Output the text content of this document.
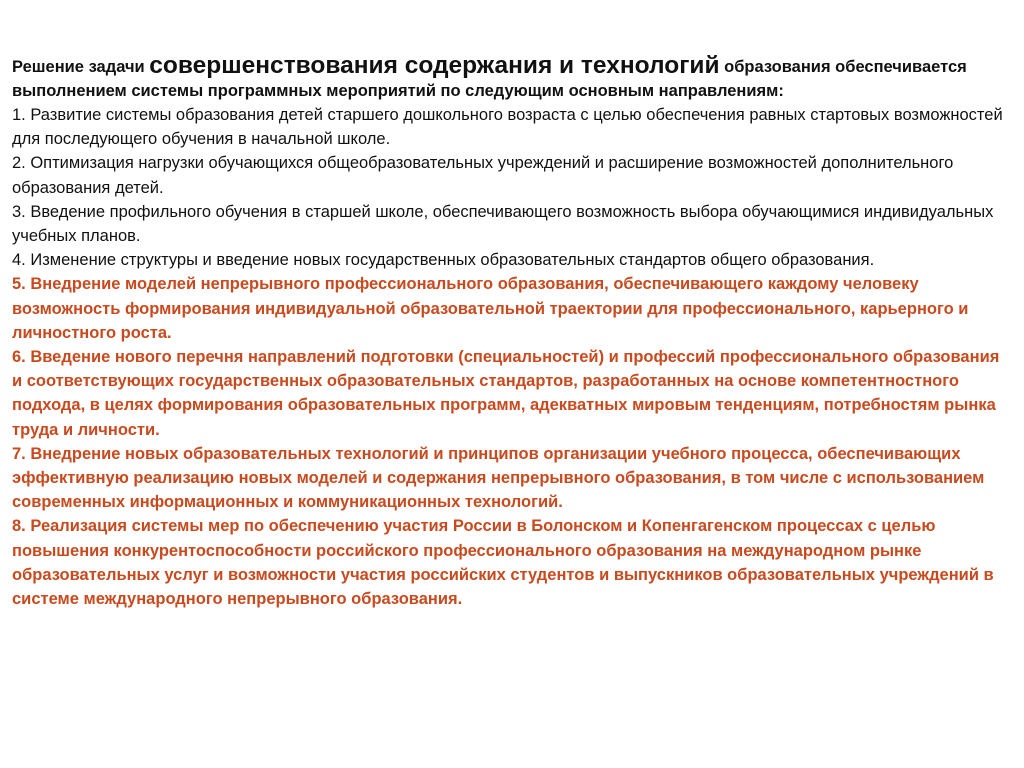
Решение задачи совершенствования содержания и технологий образования обеспечивается выполнением системы программных мероприятий по следующим основным направлениям:

1. Развитие системы образования детей старшего дошкольного возраста с целью обеспечения равных стартовых возможностей для последующего обучения в начальной школе.

2. Оптимизация нагрузки обучающихся общеобразовательных учреждений и расширение возможностей дополнительного образования детей.

3. Введение профильного обучения в старшей школе, обеспечивающего возможность выбора обучающимися индивидуальных учебных планов.

4. Изменение структуры и введение новых государственных образовательных стандартов общего образования.

5. Внедрение моделей непрерывного профессионального образования, обеспечивающего каждому человеку возможность формирования индивидуальной образовательной траектории для профессионального, карьерного и личностного роста.

6. Введение нового перечня направлений подготовки (специальностей) и профессий профессионального образования и соответствующих государственных образовательных стандартов, разработанных на основе компетентностного подхода, в целях формирования образовательных программ, адекватных мировым тенденциям, потребностям рынка труда и личности.

7. Внедрение новых образовательных технологий и принципов организации учебного процесса, обеспечивающих эффективную реализацию новых моделей и содержания непрерывного образования, в том числе с использованием современных информационных и коммуникационных технологий.

8. Реализация системы мер по обеспечению участия России в Болонском и Копенгагенском процессах с целью повышения конкурентоспособности российского профессионального образования на международном рынке образовательных услуг и возможности участия российских студентов и выпускников образовательных учреждений в системе международного непрерывного образования.
